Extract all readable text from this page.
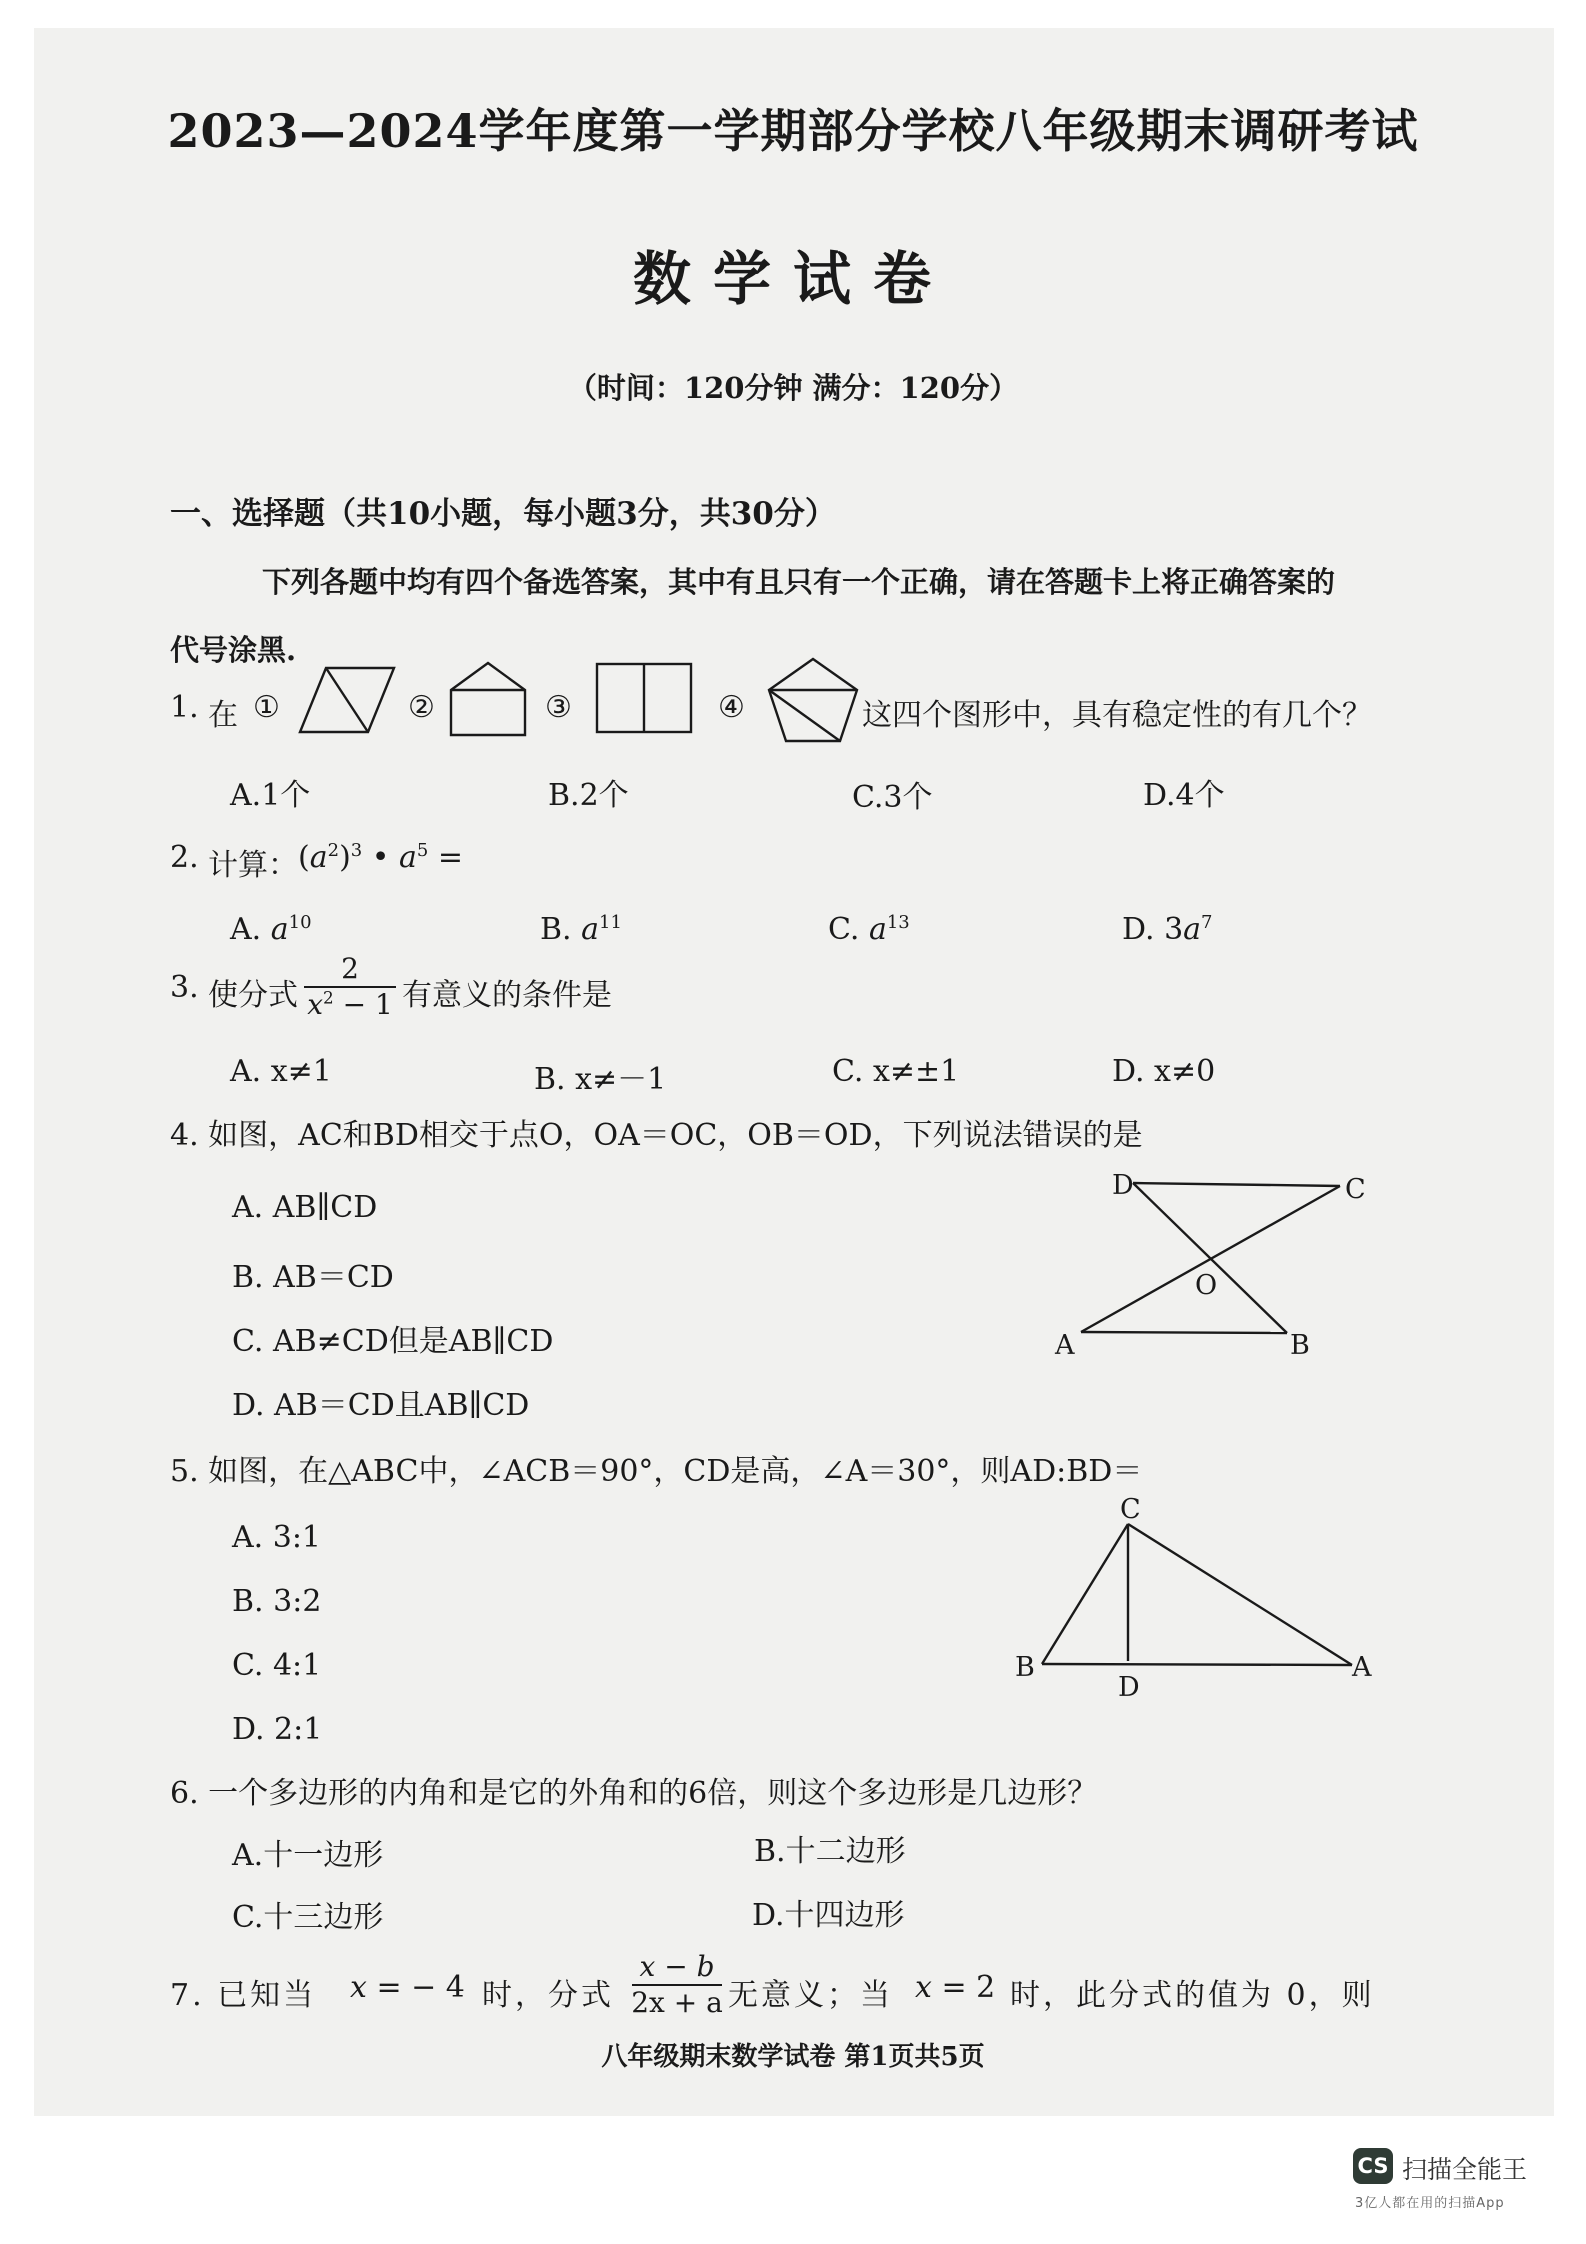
2023—2024学年度第一学期部分学校八年级期末调研考试
数学试卷
（时间：120分钟 满分：120分）
一、选择题（共10小题，每小题3分，共30分）
下列各题中均有四个备选答案，其中有且只有一个正确，请在答题卡上将正确答案的
代号涂黑.
1. 在 ①	②	③	④	这四个图形中，具有稳定性的有几个？
A.1个	B.2个	C.3个	D.4个
2. 计算： $(a^2)^3$ • $a^5$ =
A. $a^{10}$	B. $a^{11}$	C. $a^{13}$	D. $3a^7$
3. 使分式
2
$x^2 - 1$ 有意义的条件是
A. x≠1	B. x≠－1	C. x≠±1	D. x≠0
4. 如图，AC和BD相交于点O，OA＝OC，OB＝OD，下列说法错误的是
A. AB∥CD
B. AB＝CD
C. AB≠CD但是AB∥CD
D. AB＝CD且AB∥CD
D	C
O
A	B
5. 如图，在△ABC中，∠ACB＝90°，CD是高，∠A＝30°，则AD:BD＝
A. 3:1
B. 3:2
C. 4:1
D. 2:1
C
B
D
A
6. 一个多边形的内角和是它的外角和的6倍，则这个多边形是几边形？
A.十一边形	B.十二边形
C.十三边形	D.十四边形
7. 已知当 x = − 4 时，分式
x − b
2x + a 无意义；当 x = 2 时，此分式的值为 0，则
八年级期末数学试卷 第1页共5页
CS 扫描全能王
3亿人都在用的扫描App
